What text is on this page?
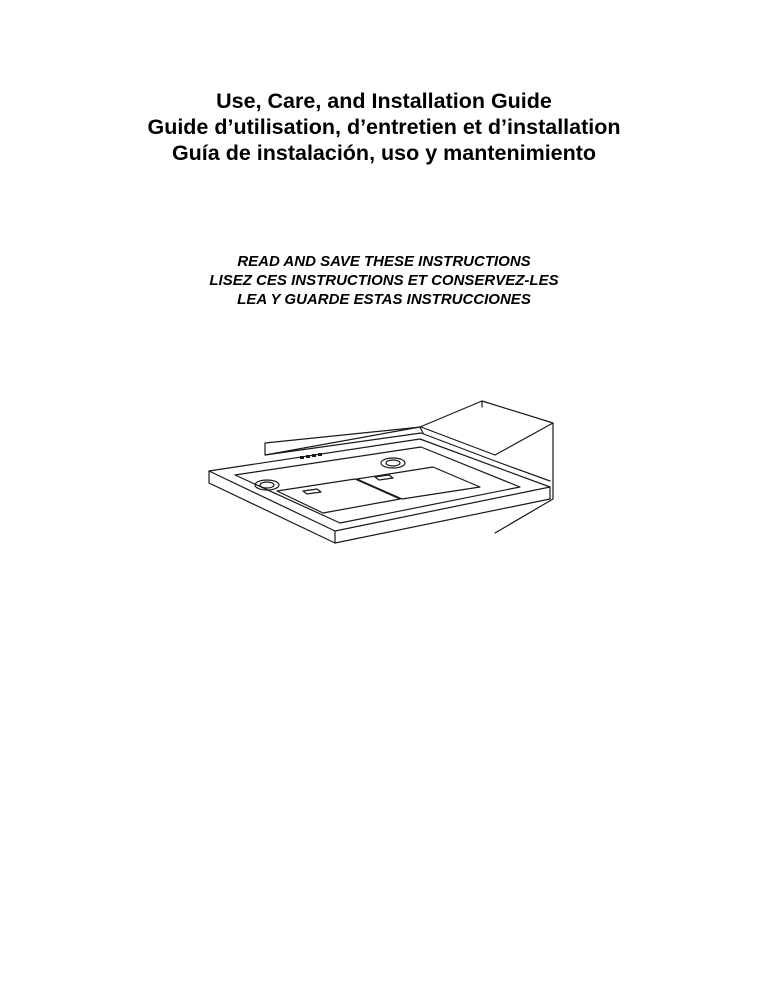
Use, Care, and Installation Guide

Guide d’utilisation, d’entretien et d’installation

Guía de instalación, uso y mantenimiento

READ AND SAVE THESE INSTRUCTIONS

LISEZ CES INSTRUCTIONS ET CONSERVEZ-LES

LEA Y GUARDE ESTAS INSTRUCCIONES
